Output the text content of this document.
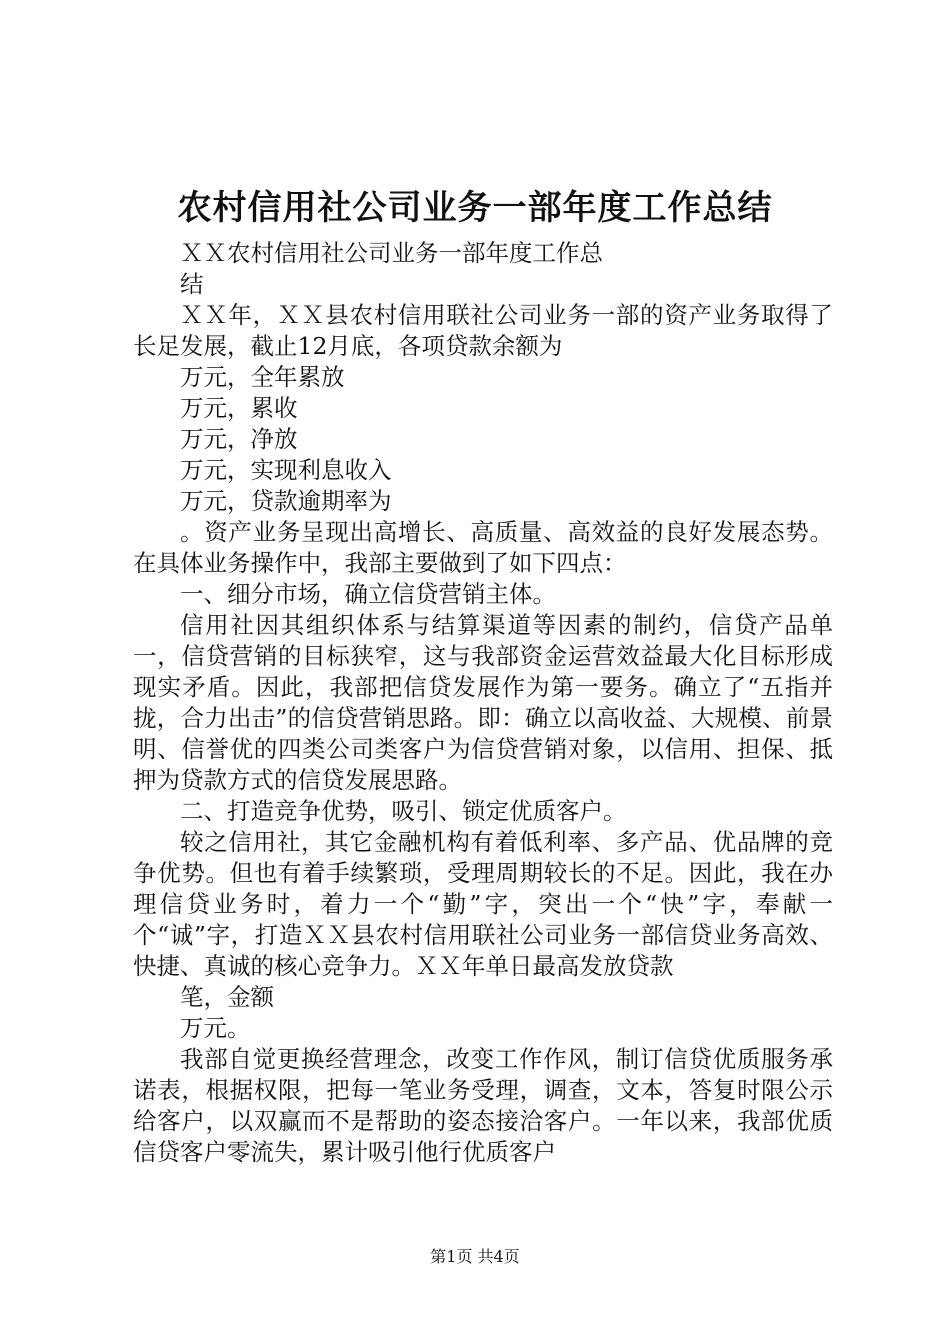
农村信用社公司业务一部年度工作总结

ＸＸ农村信用社公司业务一部年度工作总

结

ＸＸ年，ＸＸ县农村信用联社公司业务一部的资产业务取得了长足发展，截止12月底，各项贷款余额为

万元，全年累放

万元，累收

万元，净放

万元，实现利息收入

万元，贷款逾期率为

。资产业务呈现出高增长、高质量、高效益的良好发展态势。在具体业务操作中，我部主要做到了如下四点：

一、细分市场，确立信贷营销主体。

信用社因其组织体系与结算渠道等因素的制约，信贷产品单一，信贷营销的目标狭窄，这与我部资金运营效益最大化目标形成现实矛盾。因此，我部把信贷发展作为第一要务。确立了“五指并拢，合力出击”的信贷营销思路。即：确立以高收益、大规模、前景明、信誉优的四类公司类客户为信贷营销对象，以信用、担保、抵押为贷款方式的信贷发展思路。

二、打造竞争优势，吸引、锁定优质客户。

较之信用社，其它金融机构有着低利率、多产品、优品牌的竞争优势。但也有着手续繁琐，受理周期较长的不足。因此，我在办理信贷业务时，着力一个“勤”字，突出一个“快”字，奉献一个“诚”字，打造ＸＸ县农村信用联社公司业务一部信贷业务高效、快捷、真诚的核心竞争力。ＸＸ年单日最高发放贷款

笔，金额

万元。

我部自觉更换经营理念，改变工作作风，制订信贷优质服务承诺表，根据权限，把每一笔业务受理，调查，文本，答复时限公示给客户，以双赢而不是帮助的姿态接洽客户。一年以来，我部优质信贷客户零流失，累计吸引他行优质客户

第1页 共4页
